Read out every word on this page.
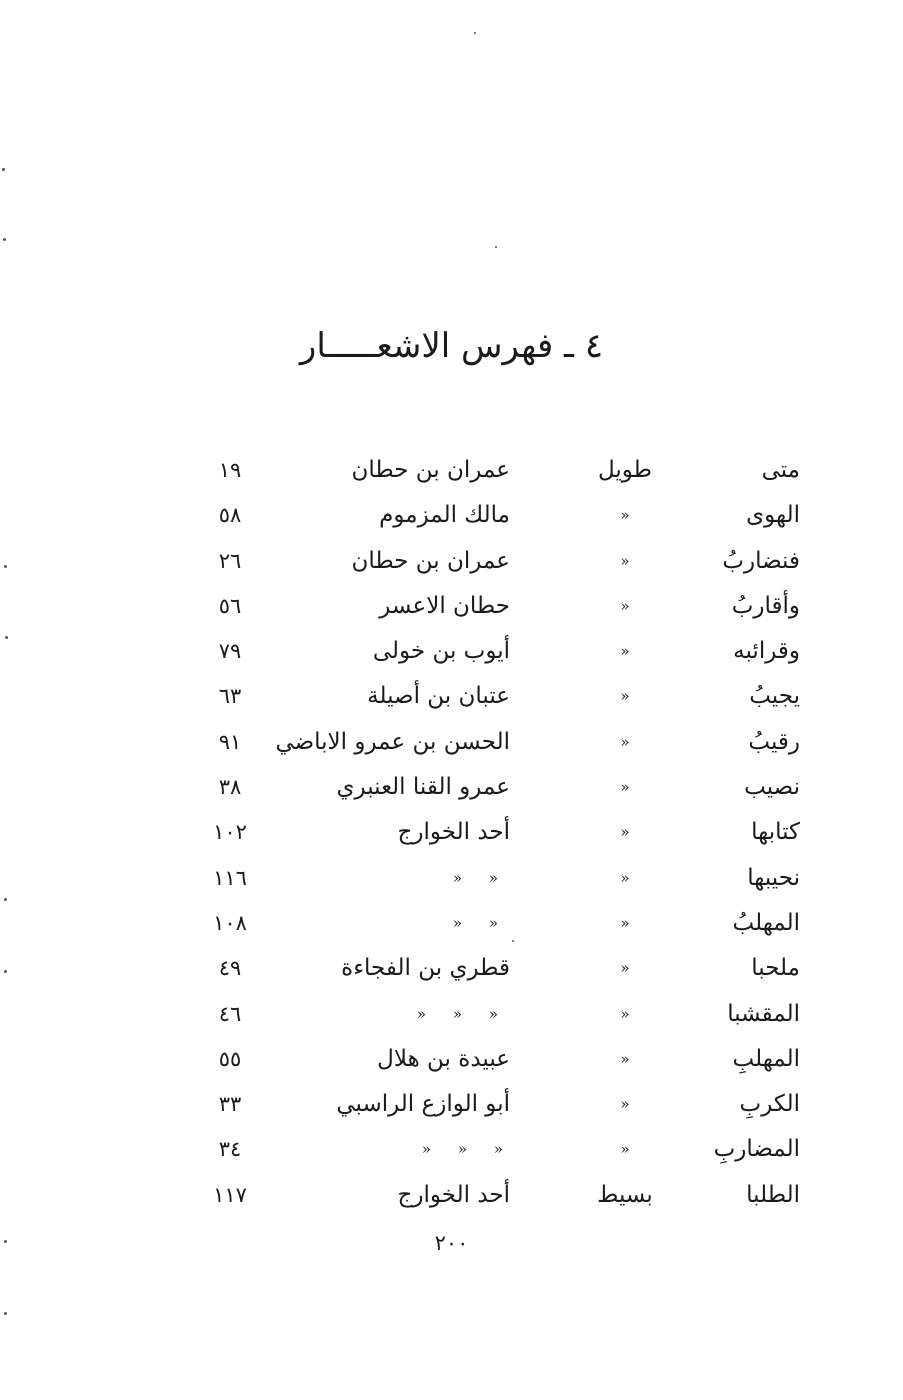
٤ ـ فهرس الاشعـــــار
متى
طويل
عمران بن حطان
١٩
الهوى
«
مالك المزموم
٥٨
فنضاربُ
«
عمران بن حطان
٢٦
وأقاربُ
«
حطان الاعسر
٥٦
وقرائبه
«
أيوب بن خولى
٧٩
يجيبُ
«
عتبان بن أصيلة
٦٣
رقيبُ
«
الحسن بن عمرو الاباضي
٩١
نصيب
«
عمرو القنا العنبري
٣٨
كتابها
«
أحد الخوارج
١٠٢
نحيبها
«
« «
١١٦
المهلبُ
«
« «
١٠٨
ملحبا
«
قطري بن الفجاءة
٤٩
المقشبا
«
« « «
٤٦
المهلبِ
«
عبيدة بن هلال
٥٥
الكربِ
«
أبو الوازع الراسبي
٣٣
المضاربِ
«
« « «
٣٤
الطلبا
بسيط
أحد الخوارج
١١٧
٢٠٠
